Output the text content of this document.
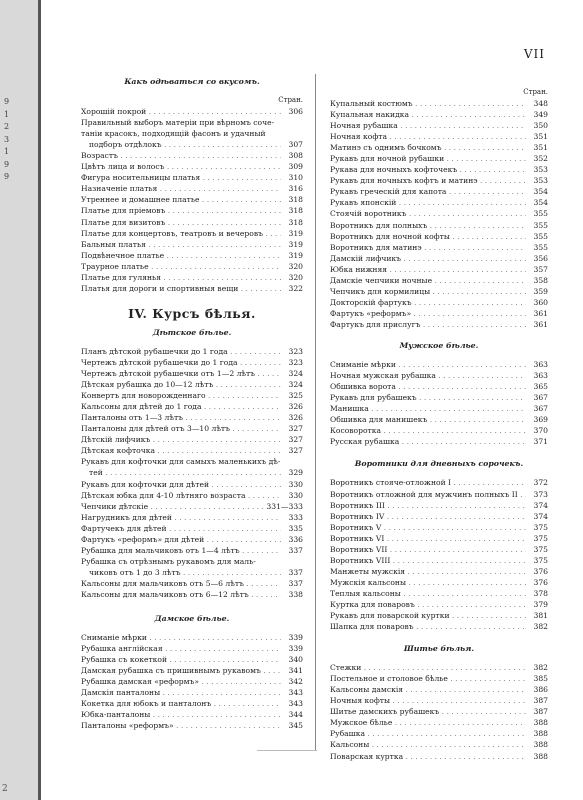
9
1
2
3
1
9
9
2
VII
Какъ одѣваться со вкусомъ.
Стран.
Хорошій покрой . . .	306
Правильный выборъ матеріи при вѣрномъ соче-
таніи красокъ, подходящій фасонъ и удачный
подборъ отдѣлокъ . . .	307
Возрастъ . . .	308
Цвѣтъ лица и волосъ . . .	309
Фигура носительницы платья . . .	310
Назначеніе платья . . .	316
Утреннее и домашнее платье . . .	318
Платье для пріемовъ . . .	318
Платье для визитовъ . . .	318
Платье для концертовъ, театровъ и вечеровъ . . .	319
Бальныя платья . . .	319
Подвѣнечное платье . . .	319
Траурное платье . . .	320
Платье для гулянья . . .	320
Платья для дороги и спортивныя вещи . . .	322
IV. Курсъ бѣлья.
Дѣтское бѣлье.
Планъ дѣтской рубашечки до 1 года . . .	323
Чертежъ дѣтской рубашечки до 1 года . . .	323
Чертежъ дѣтской рубашечки отъ 1—2 лѣтъ . . .	324
Дѣтская рубашка до 10—12 лѣтъ . . .	324
Конвертъ для новорожденнаго . . .	325
Кальсоны для дѣтей до 1 года . . .	326
Панталоны отъ 1—3 лѣтъ . . .	326
Панталоны для дѣтей отъ 3—10 лѣтъ . . .	327
Дѣтскій лифчикъ . . .	327
Дѣтская кофточка . . .	327
Рукавъ для кофточки для самыхъ маленькихъ дѣ-
тей . . .	329
Рукавъ для кофточки для дѣтей . . .	330
Дѣтская юбка для 4-10 лѣтняго возраста . . .	330
Чепчики дѣтскіе . . .	331—333
Нагрудникъ для дѣтей . . .	333
Фартучекъ для дѣтей . . .	335
Фартукъ «реформъ» для дѣтей . . .	336
Рубашка для мальчиковъ отъ 1—4 лѣтъ . . .	337
Рубашка съ отрѣзнымъ рукавомъ для маль-
чиковъ отъ 1 до 3 лѣтъ . . .	337
Кальсоны для мальчиковъ отъ 5—6 лѣтъ . . .	337
Кальсоны для мальчиковъ отъ 6—12 лѣтъ . . .	338
Дамское бѣлье.
Сниманіе мѣрки . . .	339
Рубашка англійская . . .	339
Рубашка съ кокеткой . . .	340
Дамская рубашка съ пришивнымъ рукавомъ . . .	341
Рубашка дамская «реформъ» . . .	342
Дамскія панталоны . . .	343
Кокетка для юбокъ и панталонъ . . .	343
Юбка-панталоны . . .	344
Панталоны «реформъ» . . .	345
Стран.
Купальный костюмъ . . .	348
Купальная накидка . . .	349
Ночная рубашка . . .	350
Ночная кофта . . .	351
Матинэ съ однимъ бочкомъ . . .	351
Рукавъ для ночной рубашки . . .	352
Рукава для ночныхъ кофточекъ . . .	353
Рукавъ для ночныхъ кофтъ и матинэ . . .	353
Рукавъ греческій для капота . . .	354
Рукавъ японскій . . .	354
Стоячій воротникъ . . .	355
Воротникъ для полныхъ . . .	355
Воротникъ для ночной кофты . . .	355
Воротникъ для матинэ . . .	355
Дамскій лифчикъ . . .	356
Юбка нижняя . . .	357
Дамскіе чепчики ночные . . .	358
Чепчикъ для кормилицы . . .	359
Докторскій фартукъ . . .	360
Фартукъ «реформъ» . . .	361
Фартукъ для прислугъ . . .	361
Мужское бѣлье.
Сниманіе мѣрки . . .	363
Ночная мужская рубашка . . .	363
Обшивка ворота . . .	365
Рукавъ для рубашекъ . . .	367
Манишка . . .	367
Обшивка для манишекъ . . .	369
Косоворотка . . .	370
Русская рубашка . . .	371
Воротники для дневныхъ сорочекъ.
Воротникъ стояче-отложной I . . .	372
Воротникъ отложной для мужчинъ полныхъ II . . .	373
Воротникъ III . . .	374
Воротникъ IV . . .	374
Воротникъ V . . .	375
Воротникъ VI . . .	375
Воротникъ VII . . .	375
Воротникъ VIII . . .	375
Манжеты мужскія . . .	376
Мужскія кальсоны . . .	376
Теплыя кальсоны . . .	378
Куртка для поваровъ . . .	379
Рукавъ для поварской куртки . . .	381
Шапка для поваровъ . . .	382
Шитье бѣлья.
Стежки . . .	382
Постельное и столовое бѣлье . . .	385
Кальсоны дамскія . . .	386
Ночныя кофты . . .	387
Шитье дамскихъ рубашекъ . . .	387
Мужское бѣлье . . .	388
Рубашка . . .	388
Кальсоны . . .	388
Поварская куртка . . .	388
